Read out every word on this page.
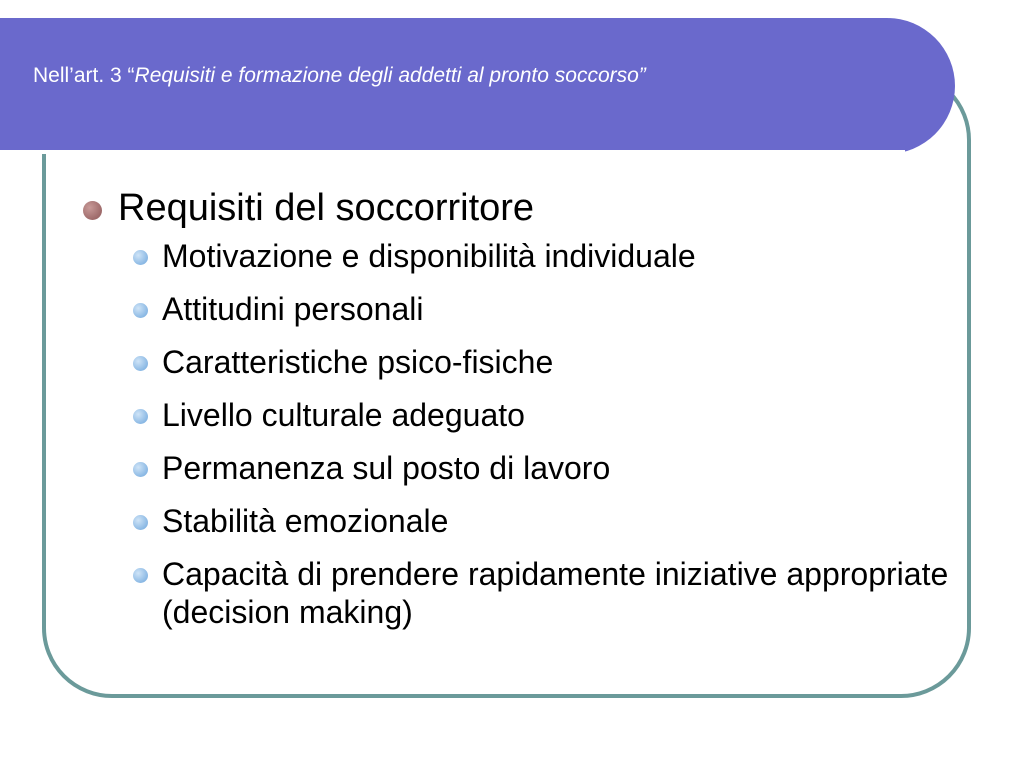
Nell’art. 3 “Requisiti e formazione degli addetti al pronto soccorso”
Requisiti del soccorritore
Motivazione e disponibilità individuale
Attitudini personali
Caratteristiche psico-fisiche
Livello culturale adeguato
Permanenza sul posto di lavoro
Stabilità emozionale
Capacità di prendere rapidamente iniziative appropriate (decision making)
